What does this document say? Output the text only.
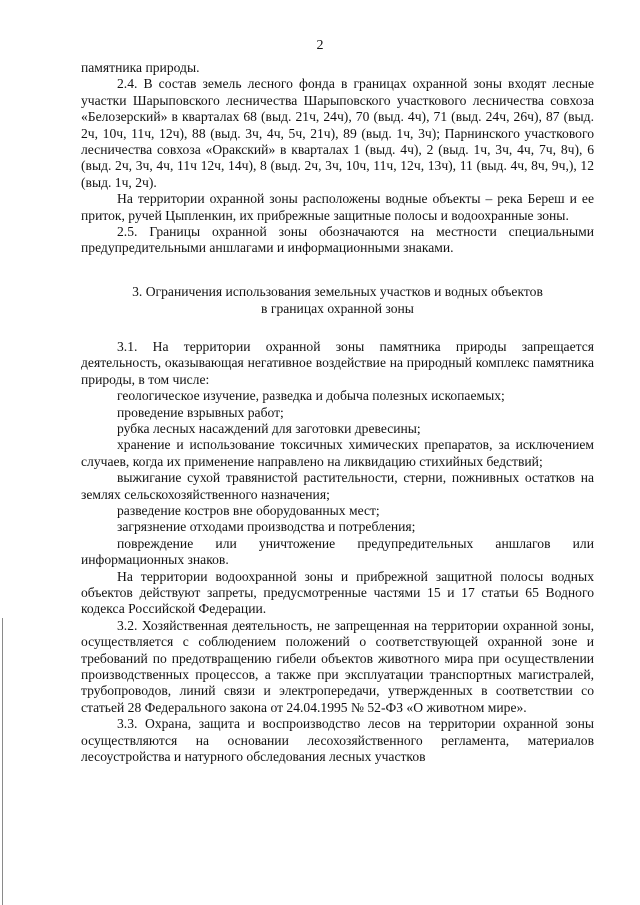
2

памятника природы.

2.4. В состав земель лесного фонда в границах охранной зоны входят лесные участки Шарыповского лесничества Шарыповского участкового лесничества совхоза «Белозерский» в кварталах 68 (выд. 21ч, 24ч), 70 (выд. 4ч), 71 (выд. 24ч, 26ч), 87 (выд. 2ч, 10ч, 11ч, 12ч), 88 (выд. 3ч, 4ч, 5ч, 21ч), 89 (выд. 1ч, 3ч); Парнинского участкового лесничества совхоза «Оракский» в кварталах 1 (выд. 4ч), 2 (выд. 1ч, 3ч, 4ч, 7ч, 8ч), 6 (выд. 2ч, 3ч, 4ч, 11ч 12ч, 14ч), 8 (выд. 2ч, 3ч, 10ч, 11ч, 12ч, 13ч), 11 (выд. 4ч, 8ч, 9ч,), 12 (выд. 1ч, 2ч).

На территории охранной зоны расположены водные объекты – река Береш и ее приток, ручей Цыпленкин, их прибрежные защитные полосы и водоохранные зоны.

2.5. Границы охранной зоны обозначаются на местности специальными предупредительными аншлагами и информационными знаками.

3. Ограничения использования земельных участков и водных объектов
в границах охранной зоны

3.1. На территории охранной зоны памятника природы запрещается деятельность, оказывающая негативное воздействие на природный комплекс памятника природы, в том числе:

геологическое изучение, разведка и добыча полезных ископаемых;

проведение взрывных работ;

рубка лесных насаждений для заготовки древесины;

хранение и использование токсичных химических препаратов, за исключением случаев, когда их применение направлено на ликвидацию стихийных бедствий;

выжигание сухой травянистой растительности, стерни, пожнивных остатков на землях сельскохозяйственного назначения;

разведение костров вне оборудованных мест;

загрязнение отходами производства и потребления;

повреждение или уничтожение предупредительных аншлагов или информационных знаков.

На территории водоохранной зоны и прибрежной защитной полосы водных объектов действуют запреты, предусмотренные частями 15 и 17 статьи 65 Водного кодекса Российской Федерации.

3.2. Хозяйственная деятельность, не запрещенная на территории охранной зоны, осуществляется с соблюдением положений о соответствующей охранной зоне и требований по предотвращению гибели объектов животного мира при осуществлении производственных процессов, а также при эксплуатации транспортных магистралей, трубопроводов, линий связи и электропередачи, утвержденных в соответствии со статьей 28 Федерального закона от 24.04.1995 № 52-ФЗ «О животном мире».

3.3. Охрана, защита и воспроизводство лесов на территории охранной зоны осуществляются на основании лесохозяйственного регламента, материалов лесоустройства и натурного обследования лесных участков
